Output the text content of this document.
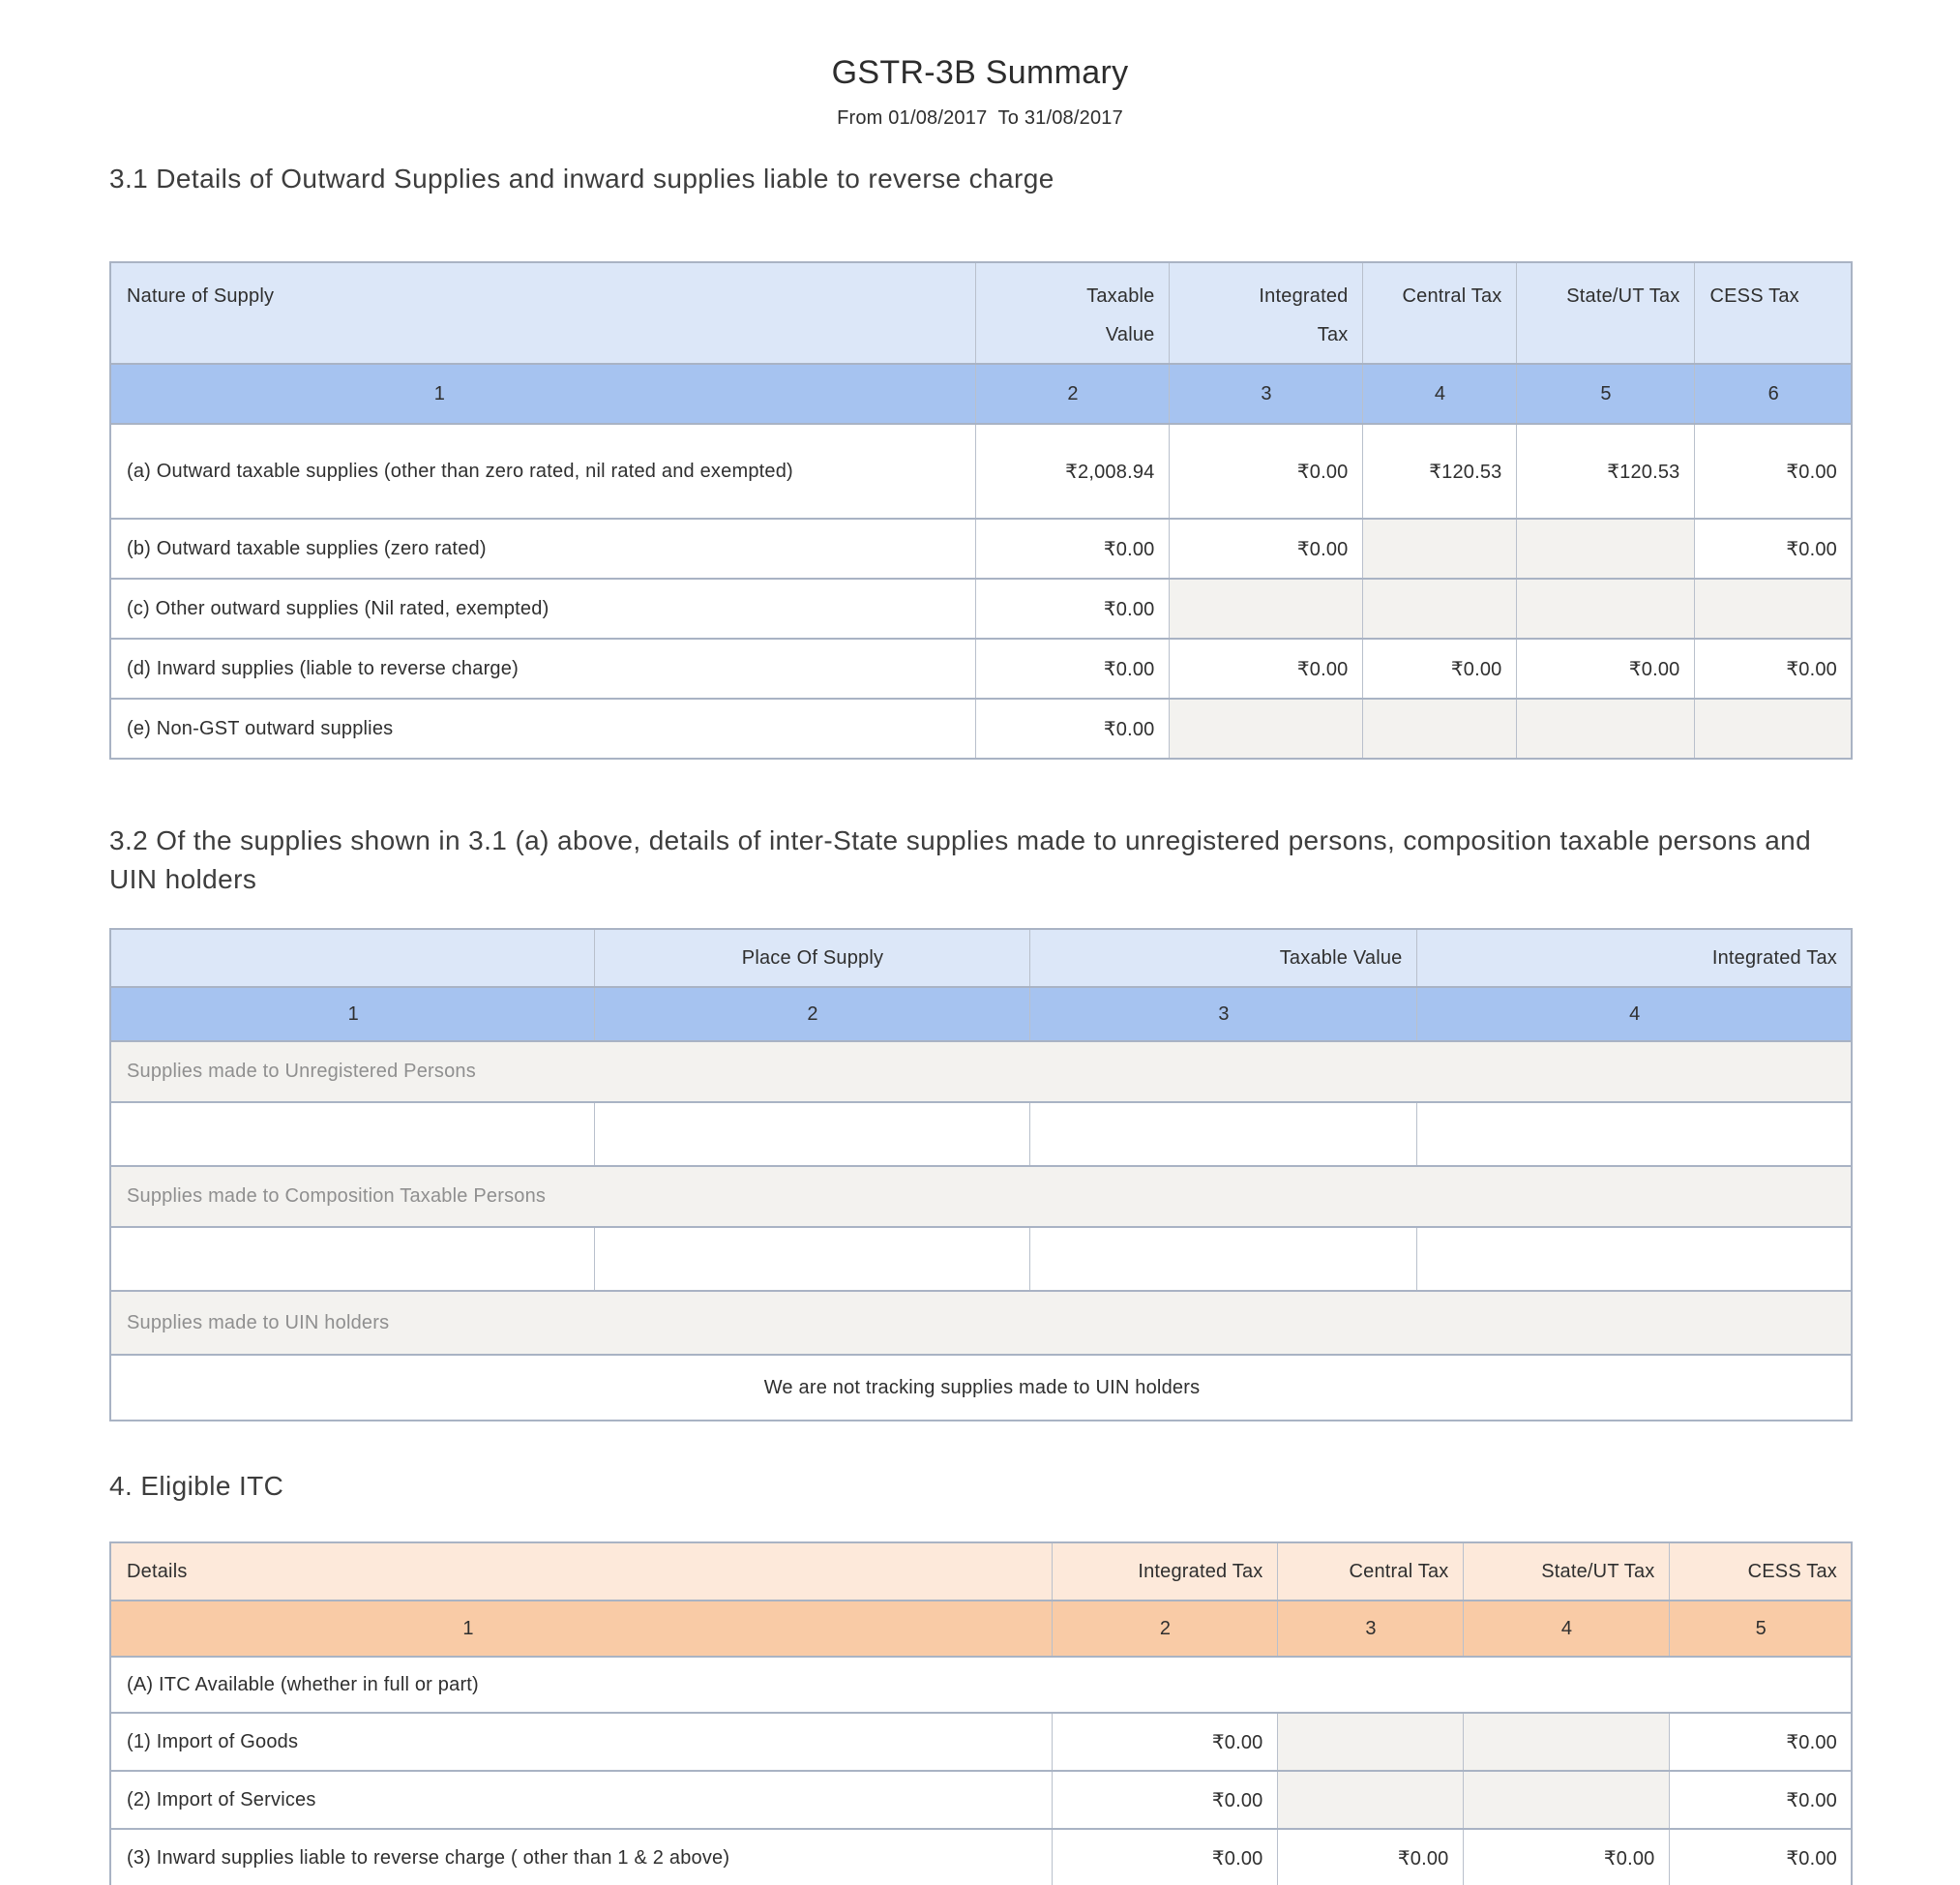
GSTR-3B Summary
From 01/08/2017  To 31/08/2017
3.1 Details of Outward Supplies and inward supplies liable to reverse charge
Nature of Supply	Taxable Value	Integrated Tax	Central Tax	State/UT Tax	CESS Tax

1	2	3	4	5	6
(a) Outward taxable supplies (other than zero rated, nil rated and exempted)	₹2,008.94	₹0.00	₹120.53	₹120.53	₹0.00
(b) Outward taxable supplies (zero rated)	₹0.00	₹0.00			₹0.00
(c) Other outward supplies (Nil rated, exempted)	₹0.00				
(d) Inward supplies (liable to reverse charge)	₹0.00	₹0.00	₹0.00	₹0.00	₹0.00
(e) Non-GST outward supplies	₹0.00				
3.2 Of the supplies shown in 3.1 (a) above, details of inter-State supplies made to unregistered persons, composition taxable persons and UIN holders
	Place Of Supply	Taxable Value	Integrated Tax
1	2	3	4
Supplies made to Unregistered Persons			

Supplies made to Composition Taxable Persons			

Supplies made to UIN holders			
We are not tracking supplies made to UIN holders			
4. Eligible ITC
Details	Integrated Tax	Central Tax	State/UT Tax	CESS Tax

1	2	3	4	5
(A) ITC Available (whether in full or part)				
(1) Import of Goods	₹0.00			₹0.00
(2) Import of Services	₹0.00			₹0.00
(3) Inward supplies liable to reverse charge ( other than 1 & 2 above)	₹0.00	₹0.00	₹0.00	₹0.00
